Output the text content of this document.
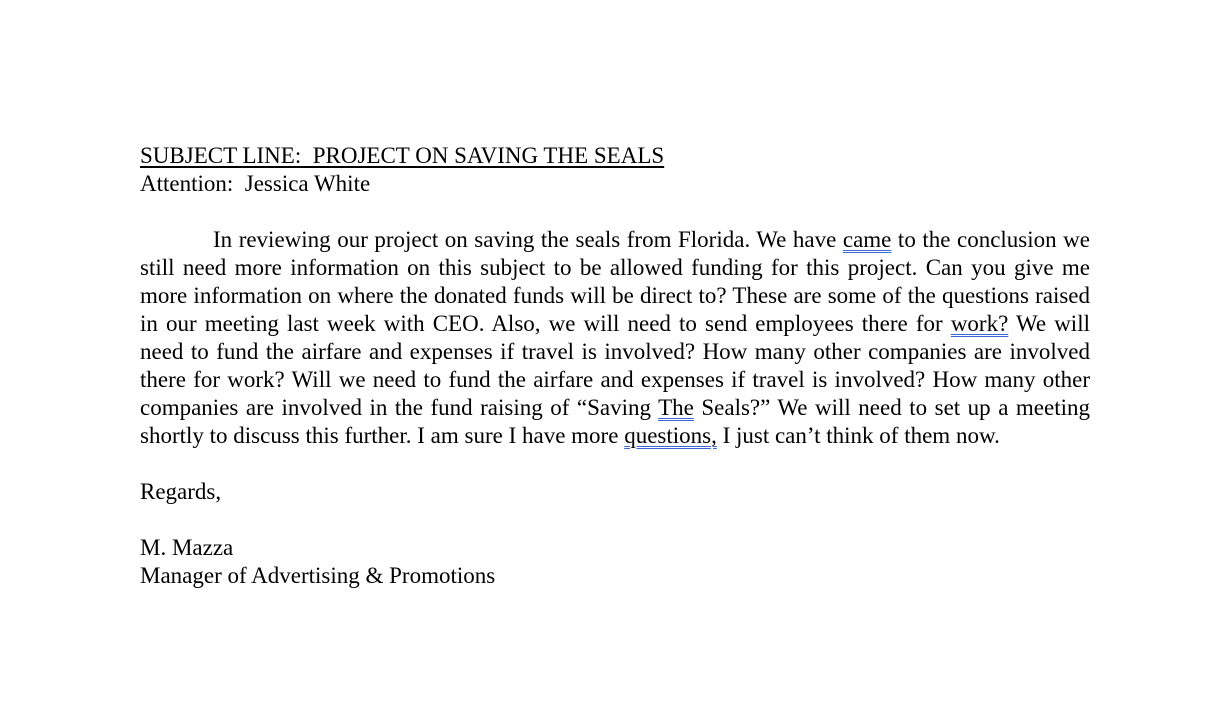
SUBJECT LINE:  PROJECT ON SAVING THE SEALS
Attention:  Jessica White

In reviewing our project on saving the seals from Florida. We have came to the conclusion we still need more information on this subject to be allowed funding for this project. Can you give me more information on where the donated funds will be direct to? These are some of the questions raised in our meeting last week with CEO. Also, we will need to send employees there for work? We will need to fund the airfare and expenses if travel is involved? How many other companies are involved there for work? Will we need to fund the airfare and expenses if travel is involved? How many other companies are involved in the fund raising of “Saving The Seals?” We will need to set up a meeting shortly to discuss this further. I am sure I have more questions, I just can’t think of them now.

Regards,
M. Mazza
Manager of Advertising & Promotions
